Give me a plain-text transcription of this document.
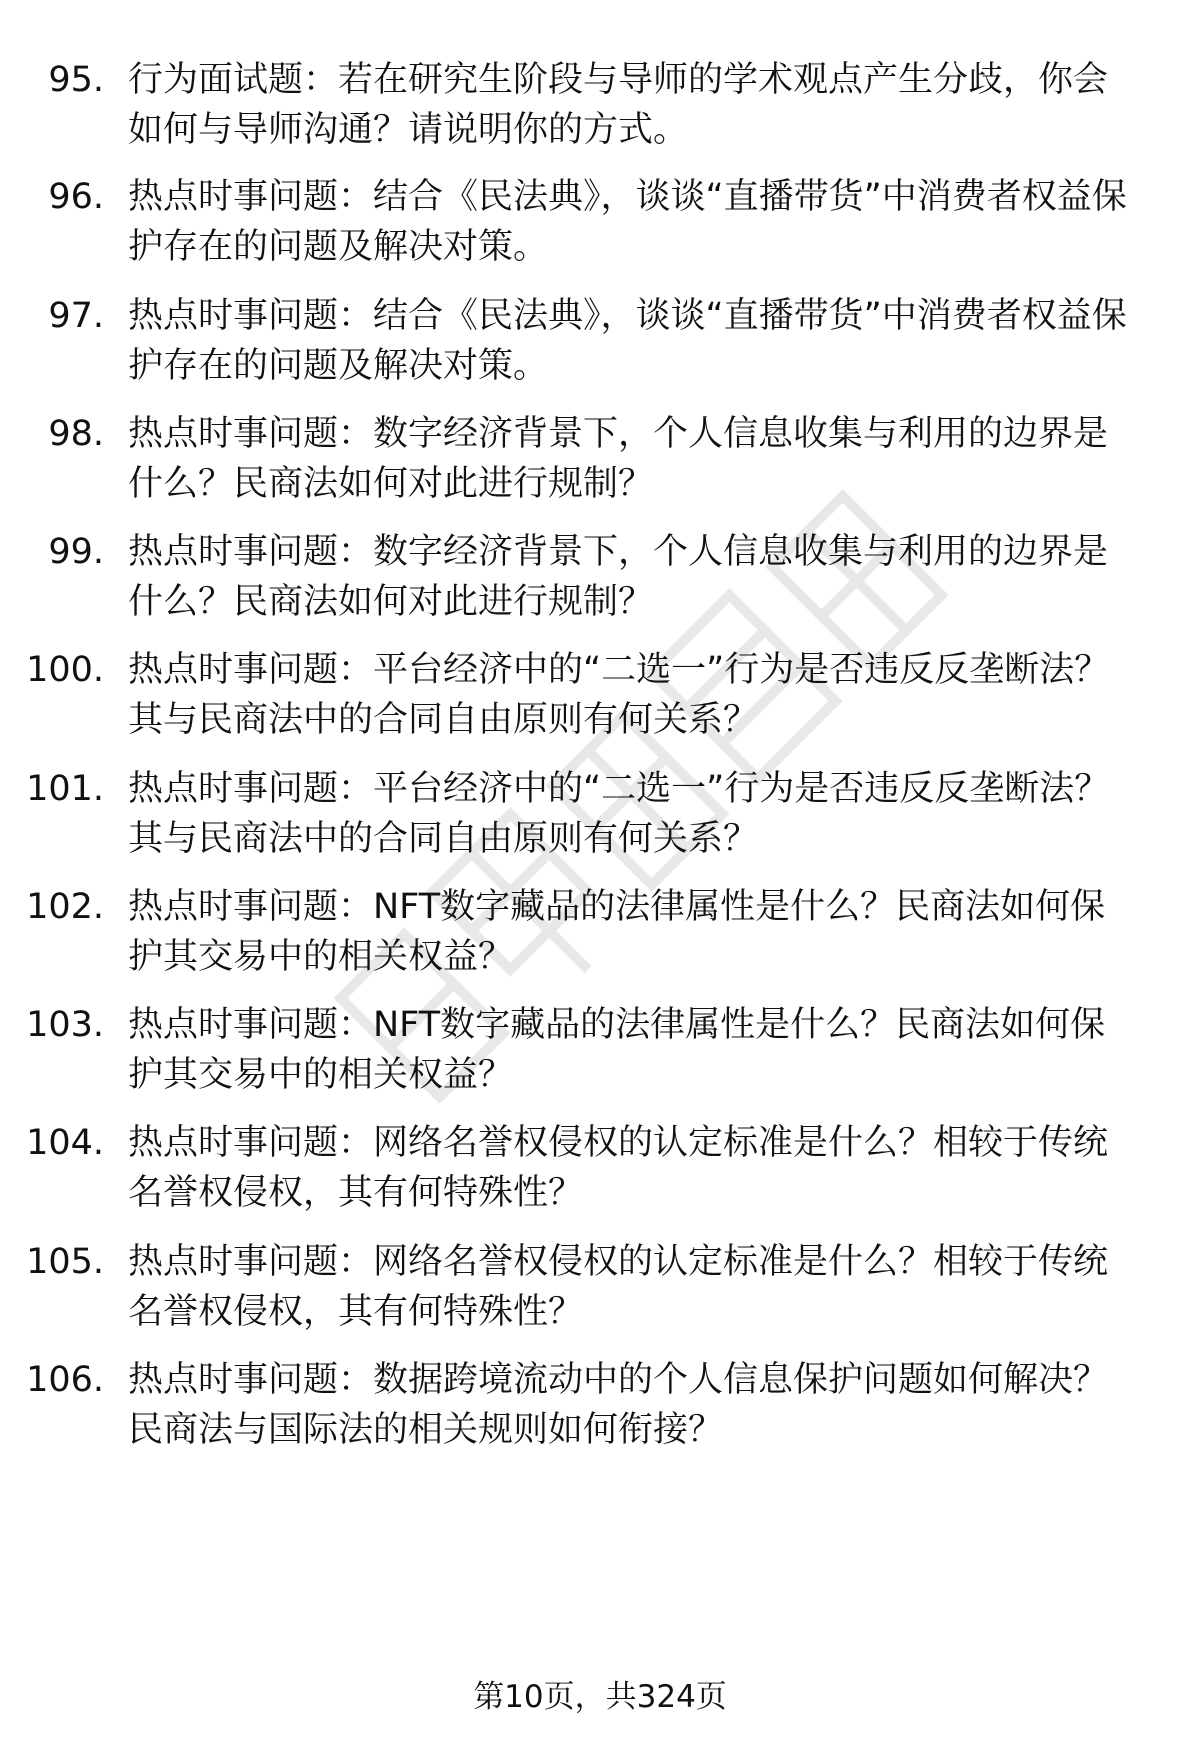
95. 行为面试题：若在研究生阶段与导师的学术观点产生分歧，你会如何与导师沟通？请说明你的方式。
96. 热点时事问题：结合《民法典》，谈谈“直播带货”中消费者权益保护存在的问题及解决对策。
97. 热点时事问题：结合《民法典》，谈谈“直播带货”中消费者权益保护存在的问题及解决对策。
98. 热点时事问题：数字经济背景下，个人信息收集与利用的边界是什么？民商法如何对此进行规制？
99. 热点时事问题：数字经济背景下，个人信息收集与利用的边界是什么？民商法如何对此进行规制？
100. 热点时事问题：平台经济中的“二选一”行为是否违反反垄断法？其与民商法中的合同自由原则有何关系？
101. 热点时事问题：平台经济中的“二选一”行为是否违反反垄断法？其与民商法中的合同自由原则有何关系？
102. 热点时事问题：NFT数字藏品的法律属性是什么？民商法如何保护其交易中的相关权益？
103. 热点时事问题：NFT数字藏品的法律属性是什么？民商法如何保护其交易中的相关权益？
104. 热点时事问题：网络名誉权侵权的认定标准是什么？相较于传统名誉权侵权，其有何特殊性？
105. 热点时事问题：网络名誉权侵权的认定标准是什么？相较于传统名誉权侵权，其有何特殊性？
106. 热点时事问题：数据跨境流动中的个人信息保护问题如何解决？民商法与国际法的相关规则如何衔接？
第10页，共324页
